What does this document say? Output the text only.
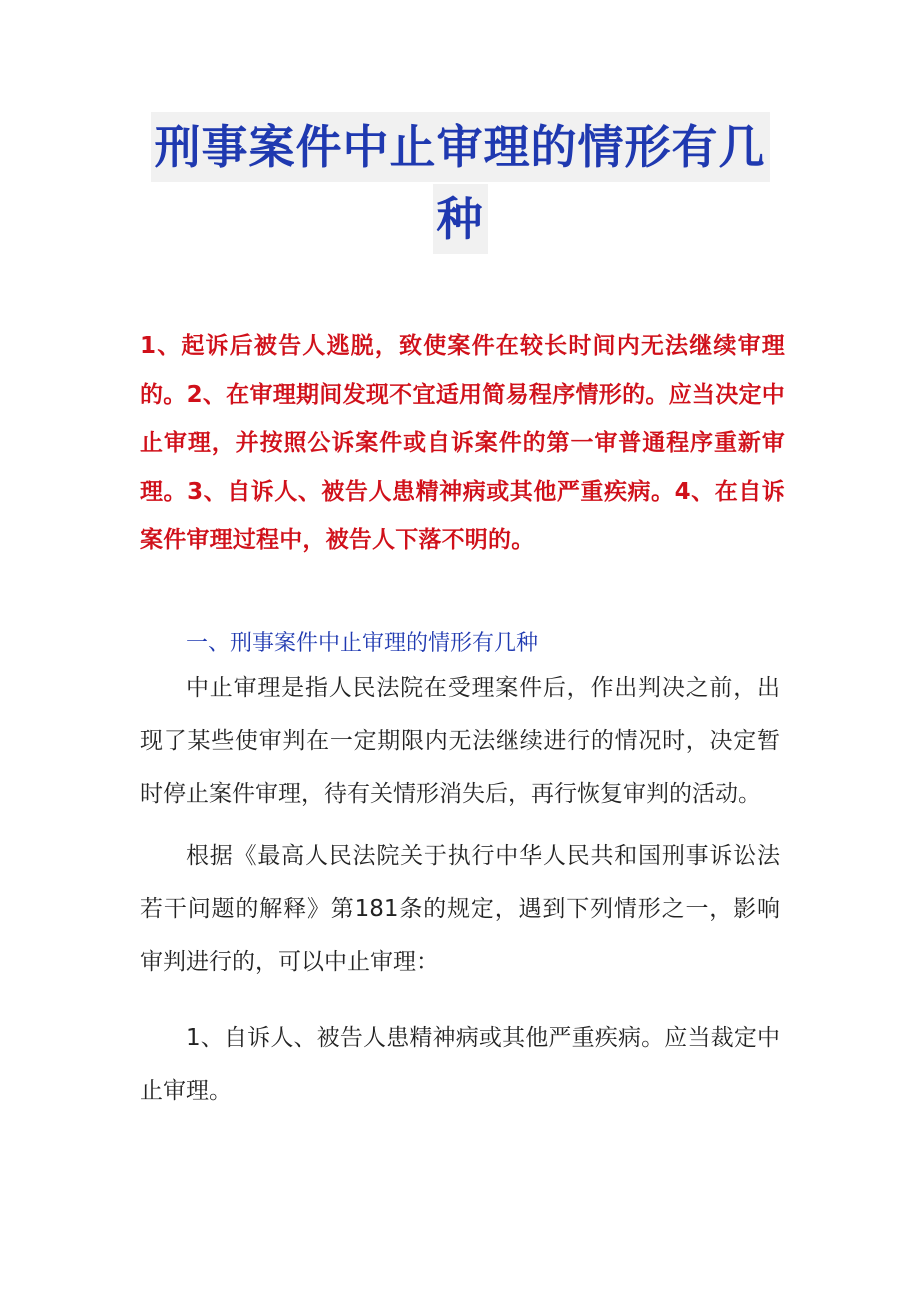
刑事案件中止审理的情形有几
种
1、起诉后被告人逃脱，致使案件在较长时间内无法继续审理的。2、在审理期间发现不宜适用简易程序情形的。应当决定中止审理，并按照公诉案件或自诉案件的第一审普通程序重新审理。3、自诉人、被告人患精神病或其他严重疾病。4、在自诉案件审理过程中，被告人下落不明的。
一、刑事案件中止审理的情形有几种
中止审理是指人民法院在受理案件后，作出判决之前，出现了某些使审判在一定期限内无法继续进行的情况时，决定暂时停止案件审理，待有关情形消失后，再行恢复审判的活动。
根据《最高人民法院关于执行中华人民共和国刑事诉讼法若干问题的解释》第181条的规定，遇到下列情形之一，影响审判进行的，可以中止审理：
1、自诉人、被告人患精神病或其他严重疾病。应当裁定中止审理。
